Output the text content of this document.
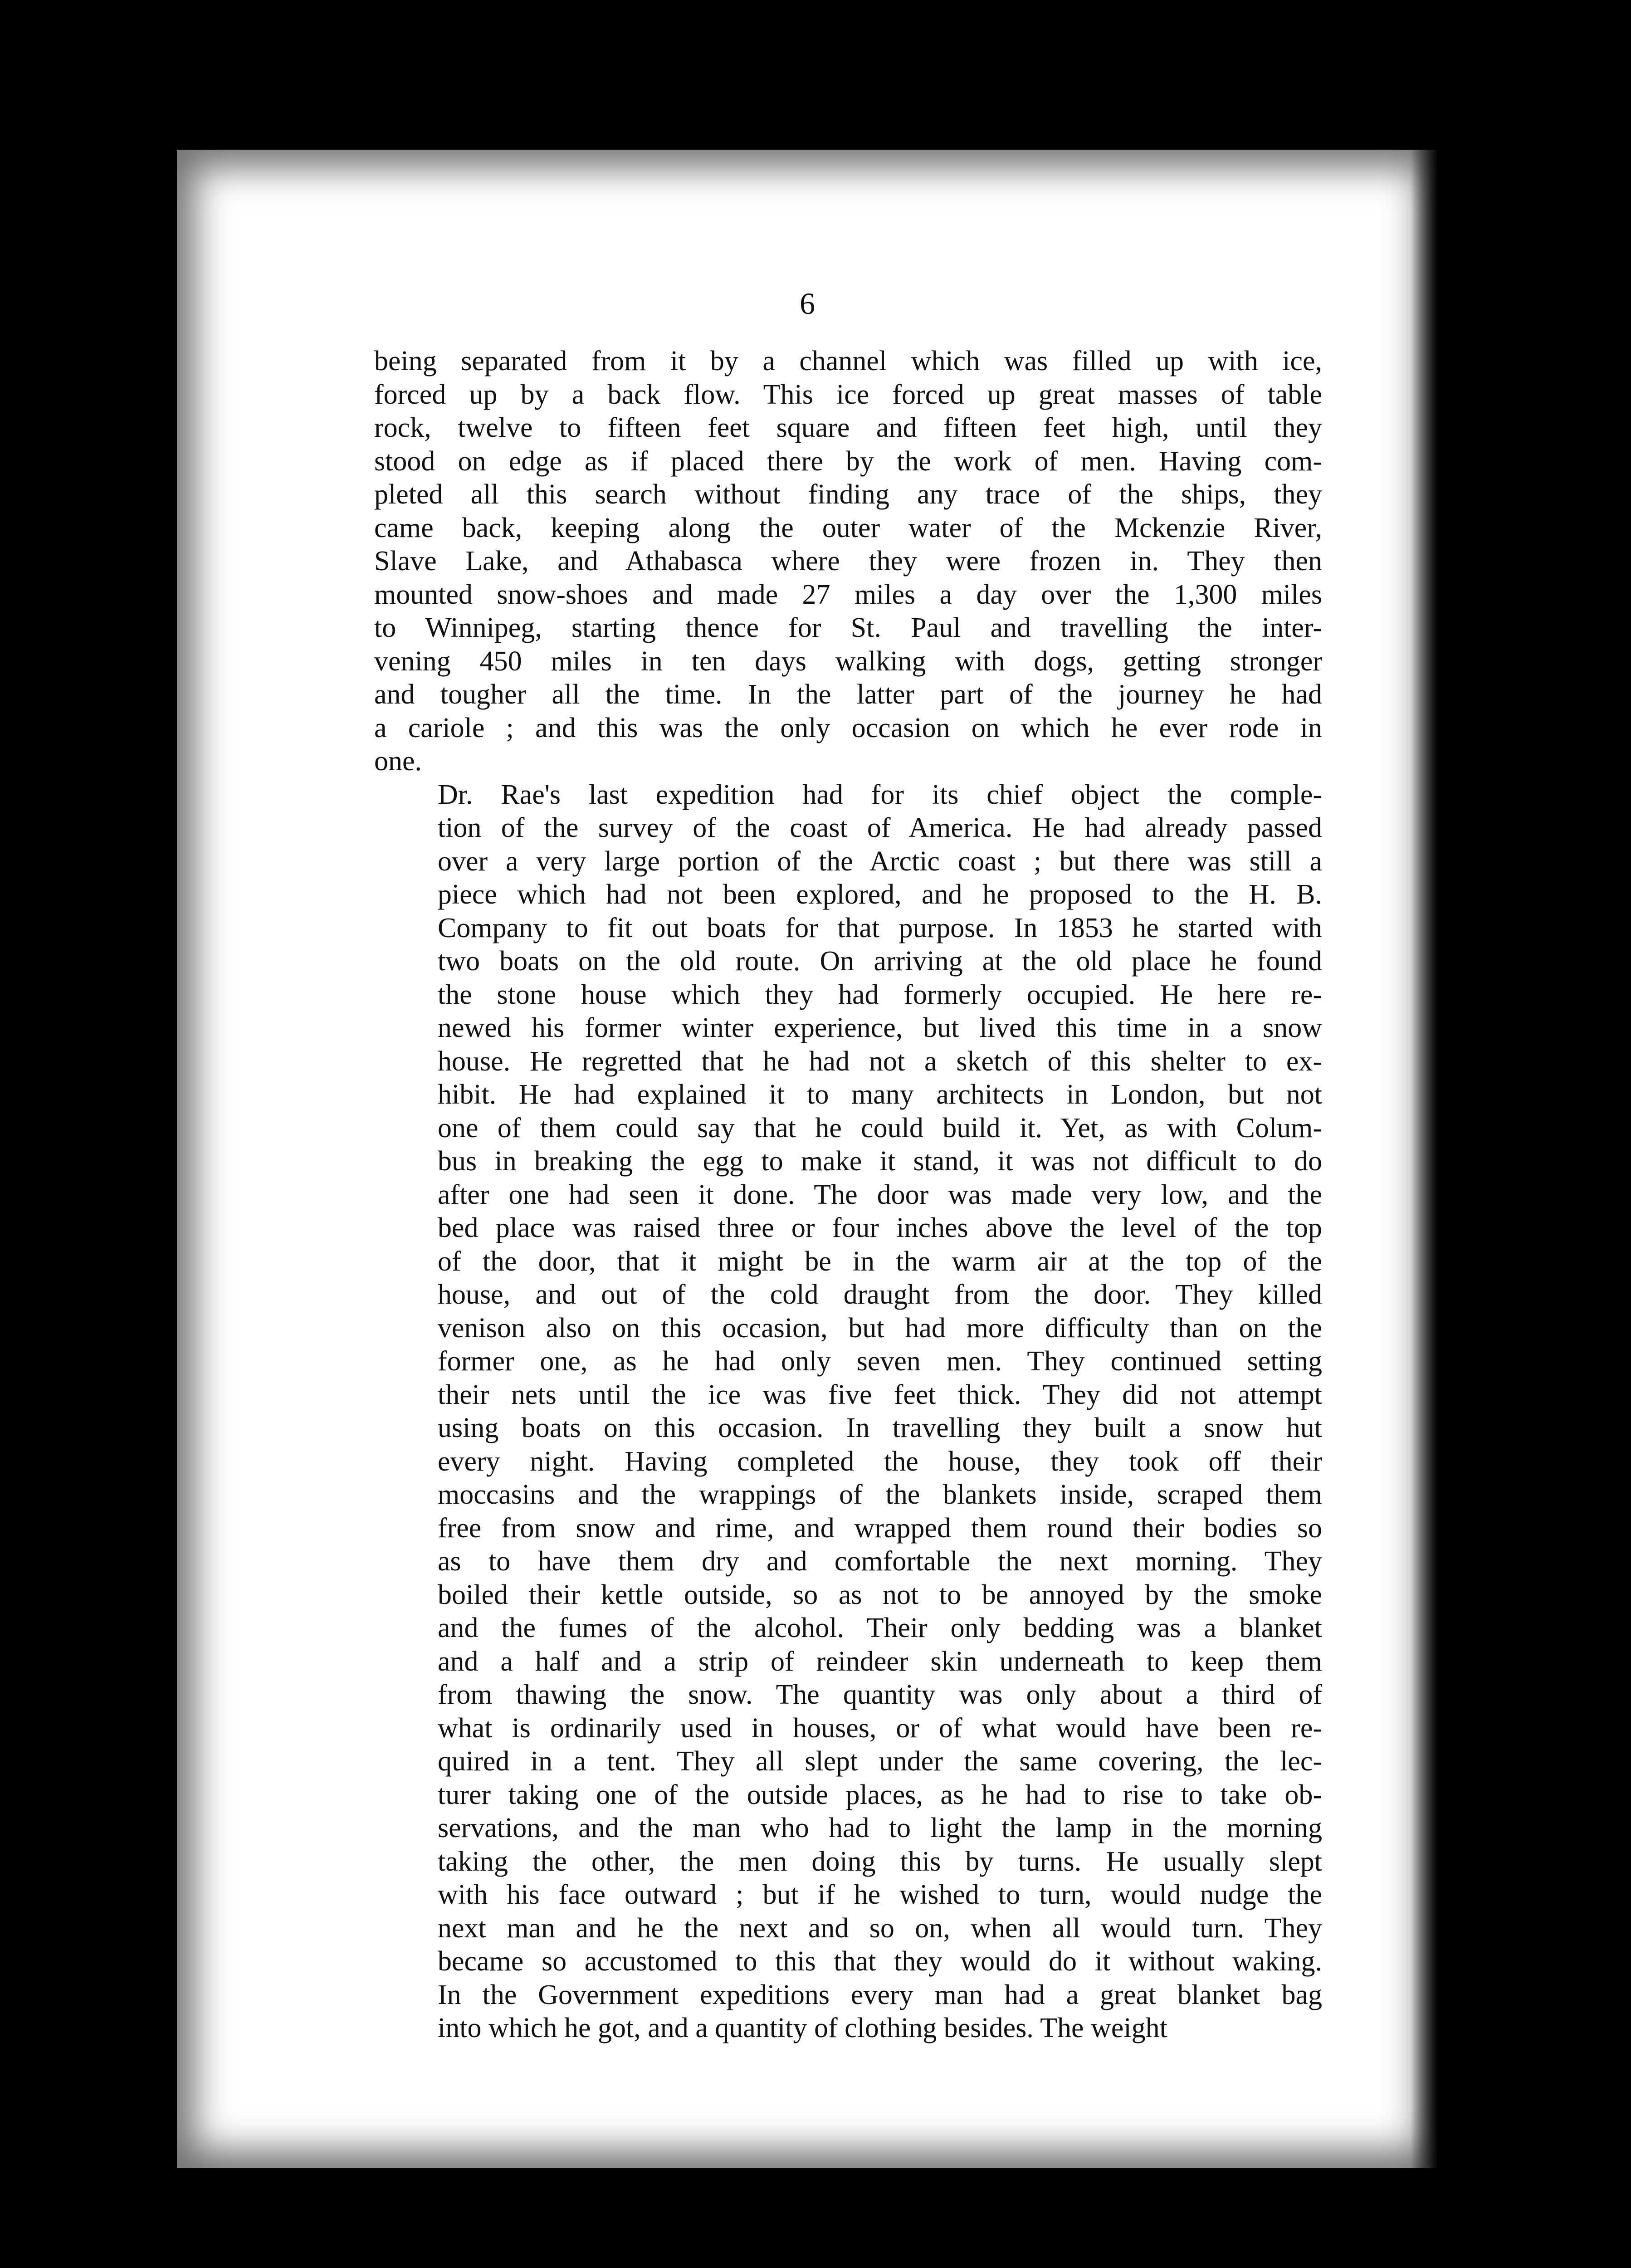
6

being separated from it by a channel which was filled up with ice,
forced up by a back flow. This ice forced up great masses of table
rock, twelve to fifteen feet square and fifteen feet high, until they
stood on edge as if placed there by the work of men. Having com-
pleted all this search without finding any trace of the ships, they
came back, keeping along the outer water of the Mckenzie River,
Slave Lake, and Athabasca where they were frozen in. They then
mounted snow-shoes and made 27 miles a day over the 1,300 miles
to Winnipeg, starting thence for St. Paul and travelling the inter-
vening 450 miles in ten days walking with dogs, getting stronger
and tougher all the time. In the latter part of the journey he had
a cariole ; and this was the only occasion on which he ever rode in
one.

Dr. Rae's last expedition had for its chief object the comple-
tion of the survey of the coast of America. He had already passed
over a very large portion of the Arctic coast ; but there was still a
piece which had not been explored, and he proposed to the H. B.
Company to fit out boats for that purpose. In 1853 he started with
two boats on the old route. On arriving at the old place he found
the stone house which they had formerly occupied. He here re-
newed his former winter experience, but lived this time in a snow
house. He regretted that he had not a sketch of this shelter to ex-
hibit. He had explained it to many architects in London, but not
one of them could say that he could build it. Yet, as with Colum-
bus in breaking the egg to make it stand, it was not difficult to do
after one had seen it done. The door was made very low, and the
bed place was raised three or four inches above the level of the top
of the door, that it might be in the warm air at the top of the
house, and out of the cold draught from the door. They killed
venison also on this occasion, but had more difficulty than on the
former one, as he had only seven men. They continued setting
their nets until the ice was five feet thick. They did not attempt
using boats on this occasion. In travelling they built a snow hut
every night. Having completed the house, they took off their
moccasins and the wrappings of the blankets inside, scraped them
free from snow and rime, and wrapped them round their bodies so
as to have them dry and comfortable the next morning. They
boiled their kettle outside, so as not to be annoyed by the smoke
and the fumes of the alcohol. Their only bedding was a blanket
and a half and a strip of reindeer skin underneath to keep them
from thawing the snow. The quantity was only about a third of
what is ordinarily used in houses, or of what would have been re-
quired in a tent. They all slept under the same covering, the lec-
turer taking one of the outside places, as he had to rise to take ob-
servations, and the man who had to light the lamp in the morning
taking the other, the men doing this by turns. He usually slept
with his face outward ; but if he wished to turn, would nudge the
next man and he the next and so on, when all would turn. They
became so accustomed to this that they would do it without waking.
In the Government expeditions every man had a great blanket bag
into which he got, and a quantity of clothing besides. The weight
